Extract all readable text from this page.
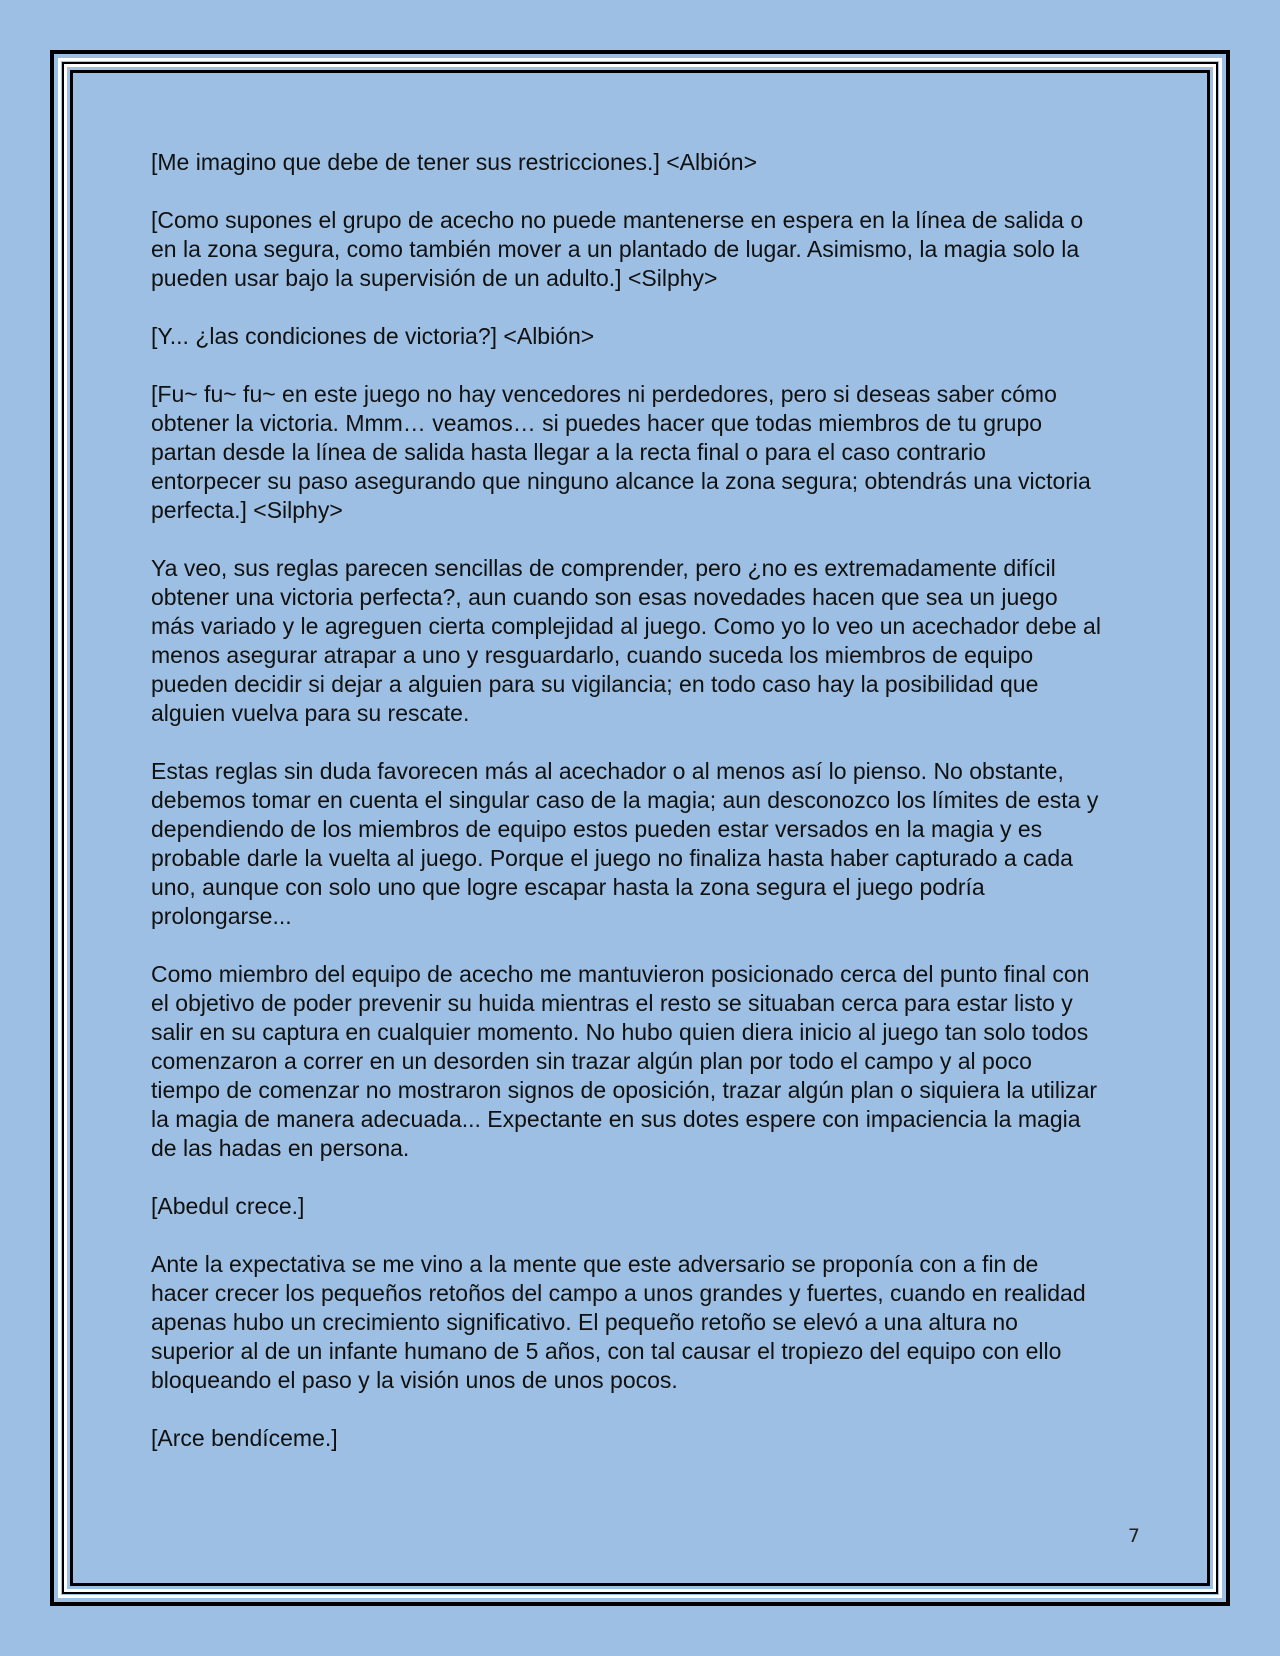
[Me imagino que debe de tener sus restricciones.] <Albión>

[Como supones el grupo de acecho no puede mantenerse en espera en la línea de salida o en la zona segura, como también mover a un plantado de lugar. Asimismo, la magia solo la pueden usar bajo la supervisión de un adulto.] <Silphy>

[Y... ¿las condiciones de victoria?] <Albión>

[Fu~ fu~ fu~ en este juego no hay vencedores ni perdedores, pero si deseas saber cómo obtener la victoria. Mmm… veamos… si puedes hacer que todas miembros de tu grupo partan desde la línea de salida hasta llegar a la recta final o para el caso contrario entorpecer su paso asegurando que ninguno alcance la zona segura; obtendrás una victoria perfecta.] <Silphy>

Ya veo, sus reglas parecen sencillas de comprender, pero ¿no es extremadamente difícil obtener una victoria perfecta?, aun cuando son esas novedades hacen que sea un juego más variado y le agreguen cierta complejidad al juego. Como yo lo veo un acechador debe al menos asegurar atrapar a uno y resguardarlo, cuando suceda los miembros de equipo pueden decidir si dejar a alguien para su vigilancia; en todo caso hay la posibilidad que alguien vuelva para su rescate.

Estas reglas sin duda favorecen más al acechador o al menos así lo pienso. No obstante, debemos tomar en cuenta el singular caso de la magia; aun desconozco los límites de esta y dependiendo de los miembros de equipo estos pueden estar versados en la magia y es probable darle la vuelta al juego. Porque el juego no finaliza hasta haber capturado a cada uno, aunque con solo uno que logre escapar hasta la zona segura el juego podría prolongarse...

Como miembro del equipo de acecho me mantuvieron posicionado cerca del punto final con el objetivo de poder prevenir su huida mientras el resto se situaban cerca para estar listo y salir en su captura en cualquier momento. No hubo quien diera inicio al juego tan solo todos comenzaron a correr en un desorden sin trazar algún plan por todo el campo y al poco tiempo de comenzar no mostraron signos de oposición, trazar algún plan o siquiera la utilizar la magia de manera adecuada... Expectante en sus dotes espere con impaciencia la magia de las hadas en persona.

[Abedul crece.]

Ante la expectativa se me vino a la mente que este adversario se proponía con a fin de hacer crecer los pequeños retoños del campo a unos grandes y fuertes, cuando en realidad apenas hubo un crecimiento significativo. El pequeño retoño se elevó a una altura no superior al de un infante humano de 5 años, con tal causar el tropiezo del equipo con ello bloqueando el paso y la visión unos de unos pocos.

[Arce bendíceme.]

7
